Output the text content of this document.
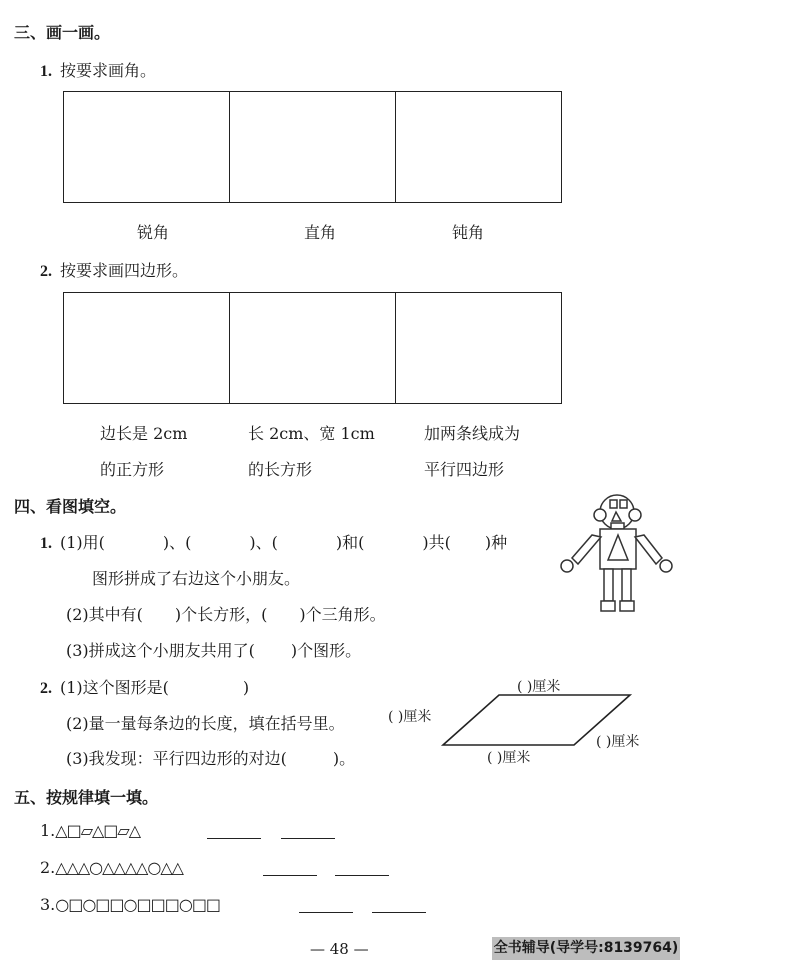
三、画一画。
1. 按要求画角。
锐角	直角	钝角
2. 按要求画四边形。
边长是 2cm	长 2cm、宽 1cm	加两条线成为
的正方形	的长方形	平行四边形
四、看图填空。
1. (1)用(	)、(	)、(	)和(	)共( )种
图形拼成了右边这个小朋友。
(2)其中有( )个长方形，( )个三角形。
(3)拼成这个小朋友共用了( )个图形。
2. (1)这个图形是(	)
(2)量一量每条边的长度，填在括号里。
(3)我发现：平行四边形的对边(	)。
( )厘米
( )厘米
( )厘米
( )厘米
五、按规律填一填。
1.△□▱△□▱△
2.△△△○△△△△○△△
3.○□○□□○□□□○□□
— 48 —	全书辅导(导学号:8139764)
